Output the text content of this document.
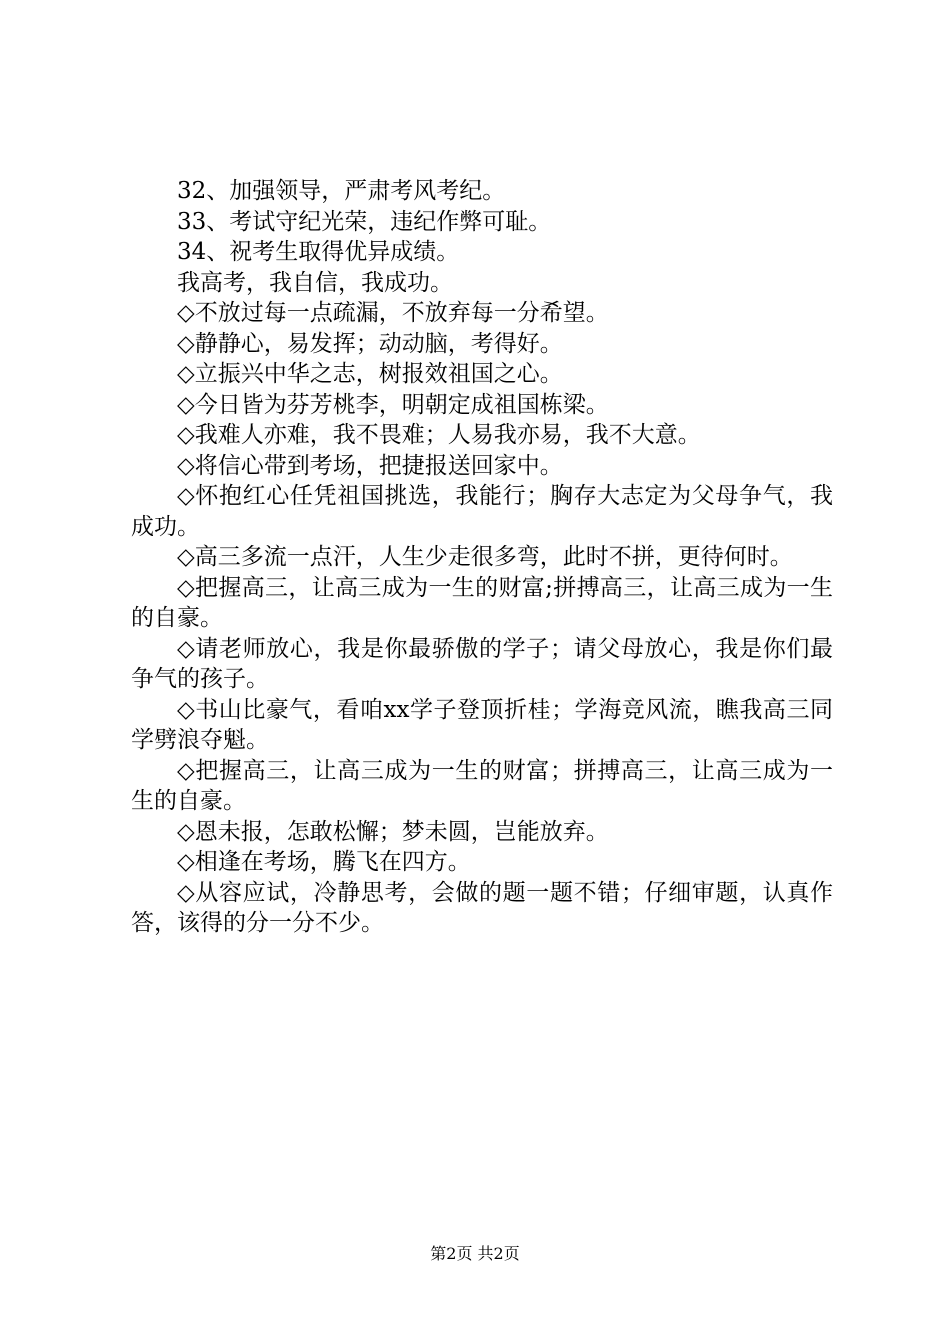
32、加强领导，严肃考风考纪。

33、考试守纪光荣，违纪作弊可耻。

34、祝考生取得优异成绩。

我高考，我自信，我成功。

◇不放过每一点疏漏，不放弃每一分希望。

◇静静心，易发挥；动动脑，考得好。

◇立振兴中华之志，树报效祖国之心。

◇今日皆为芬芳桃李，明朝定成祖国栋梁。

◇我难人亦难，我不畏难；人易我亦易，我不大意。

◇将信心带到考场，把捷报送回家中。

◇怀抱红心任凭祖国挑选，我能行；胸存大志定为父母争气，我成功。

◇高三多流一点汗，人生少走很多弯，此时不拼，更待何时。

◇把握高三，让高三成为一生的财富;拼搏高三，让高三成为一生的自豪。

◇请老师放心，我是你最骄傲的学子；请父母放心，我是你们最争气的孩子。

◇书山比豪气，看咱xx学子登顶折桂；学海竞风流，瞧我高三同学劈浪夺魁。

◇把握高三，让高三成为一生的财富；拼搏高三，让高三成为一生的自豪。

◇恩未报，怎敢松懈；梦未圆，岂能放弃。

◇相逢在考场，腾飞在四方。

◇从容应试，冷静思考，会做的题一题不错；仔细审题，认真作答，该得的分一分不少。

第2页 共2页
